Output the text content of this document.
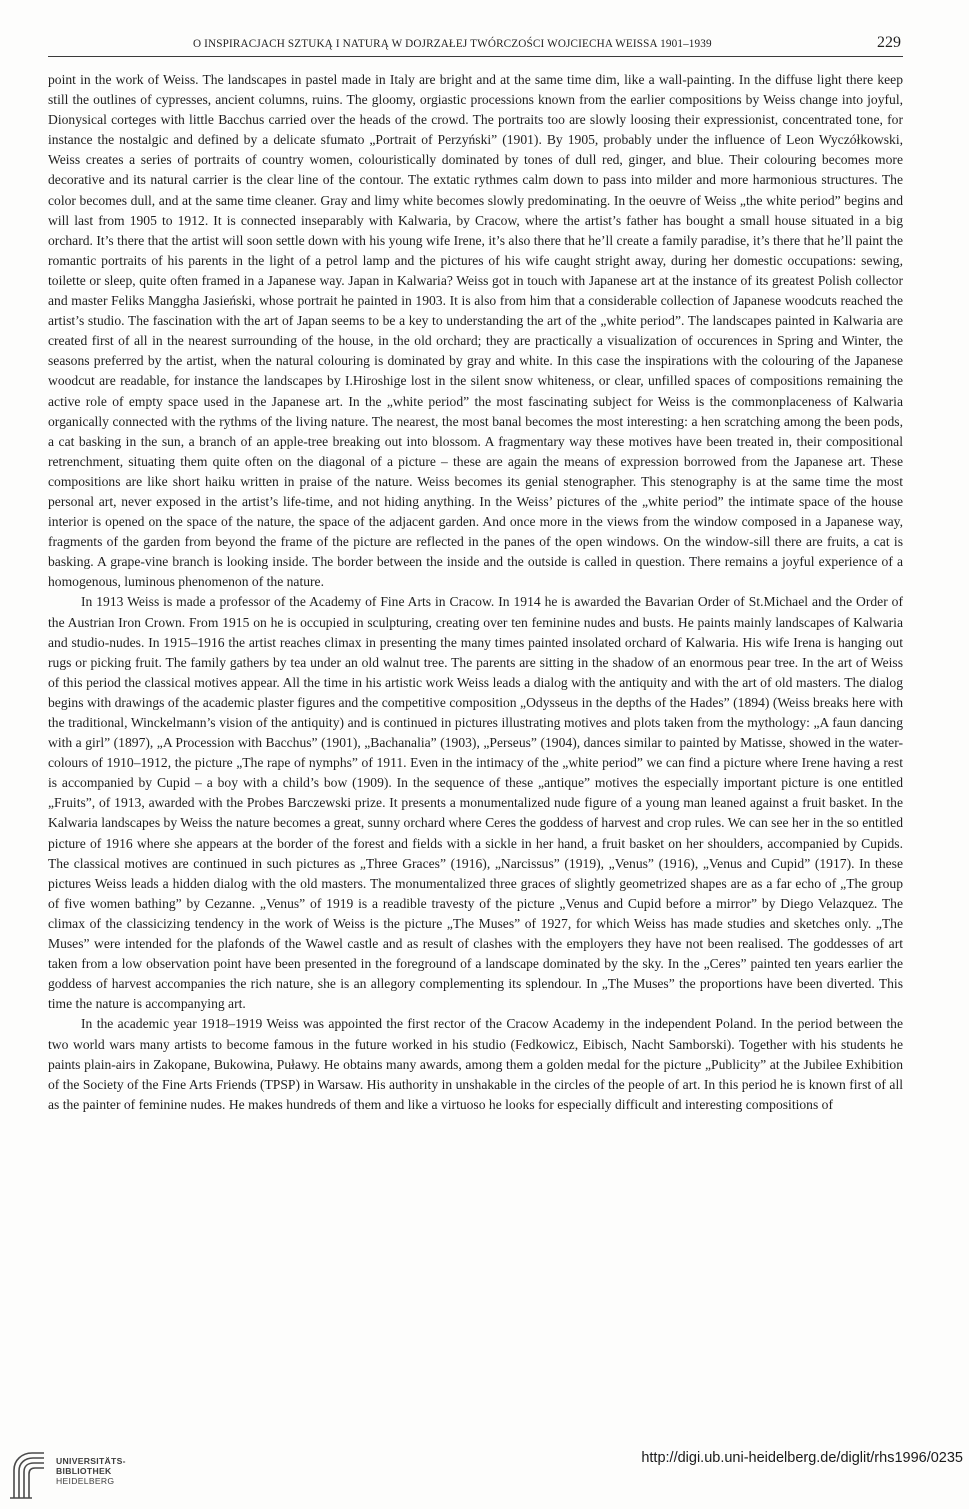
O INSPIRACJACH SZTUKĄ I NATURĄ W DOJRZAŁEJ TWÓRCZOŚCI WOJCIECHA WEISSA 1901–1939	229

point in the work of Weiss. The landscapes in pastel made in Italy are bright and at the same time dim, like a wall-painting. In the diffuse light there keep still the outlines of cypresses, ancient columns, ruins. The gloomy, orgiastic processions known from the earlier compositions by Weiss change into joyful, Dionysical corteges with little Bacchus carried over the heads of the crowd. The portraits too are slowly loosing their expressionist, concentrated tone, for instance the nostalgic and defined by a delicate sfumato „Portrait of Perzyński” (1901). By 1905, probably under the influence of Leon Wyczółkowski, Weiss creates a series of portraits of country women, colouristically dominated by tones of dull red, ginger, and blue. Their colouring becomes more decorative and its natural carrier is the clear line of the contour. The extatic rythmes calm down to pass into milder and more harmonious structures. The color becomes dull, and at the same time cleaner. Gray and limy white becomes slowly predominating. In the oeuvre of Weiss „the white period” begins and will last from 1905 to 1912. It is connected inseparably with Kalwaria, by Cracow, where the artist’s father has bought a small house situated in a big orchard. It’s there that the artist will soon settle down with his young wife Irene, it’s also there that he’ll create a family paradise, it’s there that he’ll paint the romantic portraits of his parents in the light of a petrol lamp and the pictures of his wife caught stright away, during her domestic occupations: sewing, toilette or sleep, quite often framed in a Japanese way. Japan in Kalwaria? Weiss got in touch with Japanese art at the instance of its greatest Polish collector and master Feliks Manggha Jasieński, whose portrait he painted in 1903. It is also from him that a considerable collection of Japanese woodcuts reached the artist’s studio. The fascination with the art of Japan seems to be a key to understanding the art of the „white period”. The landscapes painted in Kalwaria are created first of all in the nearest surrounding of the house, in the old orchard; they are practically a visualization of occurences in Spring and Winter, the seasons preferred by the artist, when the natural colouring is dominated by gray and white. In this case the inspirations with the colouring of the Japanese woodcut are readable, for instance the landscapes by I.Hiroshige lost in the silent snow whiteness, or clear, unfilled spaces of compositions remaining the active role of empty space used in the Japanese art. In the „white period” the most fascinating subject for Weiss is the commonplaceness of Kalwaria organically connected with the rythms of the living nature. The nearest, the most banal becomes the most interesting: a hen scratching among the been pods, a cat basking in the sun, a branch of an apple-tree breaking out into blossom. A fragmentary way these motives have been treated in, their compositional retrenchment, situating them quite often on the diagonal of a picture – these are again the means of expression borrowed from the Japanese art. These compositions are like short haiku written in praise of the nature. Weiss becomes its genial stenographer. This stenography is at the same time the most personal art, never exposed in the artist’s life-time, and not hiding anything. In the Weiss’ pictures of the „white period” the intimate space of the house interior is opened on the space of the nature, the space of the adjacent garden. And once more in the views from the window composed in a Japanese way, fragments of the garden from beyond the frame of the picture are reflected in the panes of the open windows. On the window-sill there are fruits, a cat is basking. A grape-vine branch is looking inside. The border between the inside and the outside is called in question. There remains a joyful experience of a homogenous, luminous phenomenon of the nature.

In 1913 Weiss is made a professor of the Academy of Fine Arts in Cracow. In 1914 he is awarded the Bavarian Order of St.Michael and the Order of the Austrian Iron Crown. From 1915 on he is occupied in sculpturing, creating over ten feminine nudes and busts. He paints mainly landscapes of Kalwaria and studio-nudes. In 1915–1916 the artist reaches climax in presenting the many times painted insolated orchard of Kalwaria. His wife Irena is hanging out rugs or picking fruit. The family gathers by tea under an old walnut tree. The parents are sitting in the shadow of an enormous pear tree. In the art of Weiss of this period the classical motives appear. All the time in his artistic work Weiss leads a dialog with the antiquity and with the art of old masters. The dialog begins with drawings of the academic plaster figures and the competitive composition „Odysseus in the depths of the Hades” (1894) (Weiss breaks here with the traditional, Winckelmann’s vision of the antiquity) and is continued in pictures illustrating motives and plots taken from the mythology: „A faun dancing with a girl” (1897), „A Procession with Bacchus” (1901), „Bachanalia” (1903), „Perseus” (1904), dances similar to painted by Matisse, showed in the water-colours of 1910–1912, the picture „The rape of nymphs” of 1911. Even in the intimacy of the „white period” we can find a picture where Irene having a rest is accompanied by Cupid – a boy with a child’s bow (1909). In the sequence of these „antique” motives the especially important picture is one entitled „Fruits”, of 1913, awarded with the Probes Barczewski prize. It presents a monumentalized nude figure of a young man leaned against a fruit basket. In the Kalwaria landscapes by Weiss the nature becomes a great, sunny orchard where Ceres the goddess of harvest and crop rules. We can see her in the so entitled picture of 1916 where she appears at the border of the forest and fields with a sickle in her hand, a fruit basket on her shoulders, accompanied by Cupids. The classical motives are continued in such pictures as „Three Graces” (1916), „Narcissus” (1919), „Venus” (1916), „Venus and Cupid” (1917). In these pictures Weiss leads a hidden dialog with the old masters. The monumentalized three graces of slightly geometrized shapes are as a far echo of „The group of five women bathing” by Cezanne. „Venus” of 1919 is a readible travesty of the picture „Venus and Cupid before a mirror” by Diego Velazquez. The climax of the classicizing tendency in the work of Weiss is the picture „The Muses” of 1927, for which Weiss has made studies and sketches only. „The Muses” were intended for the plafonds of the Wawel castle and as result of clashes with the employers they have not been realised. The goddesses of art taken from a low observation point have been presented in the foreground of a landscape dominated by the sky. In the „Ceres” painted ten years earlier the goddess of harvest accompanies the rich nature, she is an allegory complementing its splendour. In „The Muses” the proportions have been diverted. This time the nature is accompanying art.

In the academic year 1918–1919 Weiss was appointed the first rector of the Cracow Academy in the independent Poland. In the period between the two world wars many artists to become famous in the future worked in his studio (Fedkowicz, Eibisch, Nacht Samborski). Together with his students he paints plain-airs in Zakopane, Bukowina, Puławy. He obtains many awards, among them a golden medal for the picture „Publicity” at the Jubilee Exhibition of the Society of the Fine Arts Friends (TPSP) in Warsaw. His authority in unshakable in the circles of the people of art. In this period he is known first of all as the painter of feminine nudes. He makes hundreds of them and like a virtuoso he looks for especially difficult and interesting compositions of

UNIVERSITÄTS-
BIBLIOTHEK
HEIDELBERG
http://digi.ub.uni-heidelberg.de/diglit/rhs1996/0235
